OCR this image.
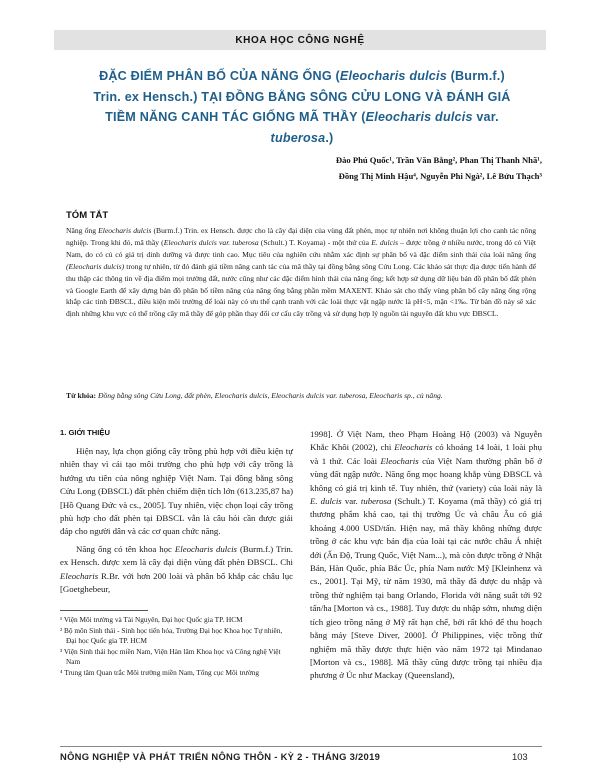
KHOA HỌC CÔNG NGHỆ
ĐẶC ĐIỂM PHÂN BỐ CỦA NĂNG ỐNG (Eleocharis dulcis (Burm.f.) Trin. ex Hensch.) TẠI ĐỒNG BẰNG SÔNG CỬU LONG VÀ ĐÁNH GIÁ TIỀM NĂNG CANH TÁC GIỐNG MÃ THẦY (Eleocharis dulcis var. tuberosa.)
Đào Phú Quốc¹, Trần Văn Bằng², Phan Thị Thanh Nhã¹,
Đồng Thị Minh Hậu⁴, Nguyễn Phi Ngà², Lê Bửu Thạch³
TÓM TẮT
Năng ống Eleocharis dulcis (Burm.f.) Trin. ex Hensch. được cho là cây đại diện của vùng đất phèn, mọc tự nhiên nơi không thuận lợi cho canh tác nông nghiệp. Trong khi đó, mã thầy (Eleocharis dulcis var. tuberosa (Schult.) T. Koyama) - một thứ của E. dulcis – được trồng ở nhiều nước, trong đó có Việt Nam, do có củ có giá trị dinh dưỡng và được tinh cao. Mục tiêu của nghiên cứu nhằm xác định sự phân bố và đặc điểm sinh thái của loài năng ống (Eleocharis dulcis) trong tự nhiên, từ đó đánh giá tiềm năng canh tác của mã thầy tại đồng bằng sông Cửu Long. Các khảo sát thực địa được tiến hành để thu thập các thông tin về địa điểm mọi trường đất, nước cũng như các đặc điểm hình thái của năng ống; kết hợp sử dụng dữ liệu bản đồ phân bố đất phèn và Google Earth để xây dựng bản đồ phân bố tiềm năng của năng ống bằng phần mềm MAXENT. Khảo sát cho thấy vùng phân bố cây năng ống rộng khắp các tỉnh ĐBSCL, điều kiện môi trường để loài này có ưu thế cạnh tranh với các loài thực vật ngập nước là pH<5, mặn <1‰. Từ bản đồ này sẽ xác định những khu vực có thể trồng cây mã thầy để góp phần thay đổi cơ cấu cây trồng và sử dụng hợp lý nguồn tài nguyên đất khu vực ĐBSCL.
Từ khóa: Đồng bằng sông Cửu Long, đất phèn, Eleocharis dulcis, Eleocharis dulcis var. tuberosa, Eleocharis sp., củ năng.
1. GIỚI THIỆU

Hiện nay, lựa chọn giống cây trồng phù hợp với điều kiện tự nhiên thay vì cải tạo môi trường cho phù hợp với cây trồng là hướng ưu tiên của nông nghiệp Việt Nam. Tại đồng bằng sông Cửu Long (ĐBSCL) đất phèn chiếm diện tích lớn (613.235,87 ha) [Hồ Quang Đức và cs., 2005]. Tuy nhiên, việc chọn loại cây trồng phù hợp cho đất phèn tại ĐBSCL vẫn là câu hỏi cần được giải đáp cho người dân và các cơ quan chức năng.

Năng ống có tên khoa học Eleocharis dulcis (Burm.f.) Trin. ex Hensch. được xem là cây đại diện vùng đất phèn ĐBSCL. Chi Eleocharis R.Br. với hơn 200 loài và phân bố khắp các châu lục [Goetghebeur,

1998]. Ở Việt Nam, theo Phạm Hoàng Hộ (2003) và Nguyễn Khắc Khôi (2002), chi Eleocharis có khoảng 14 loài, 1 loài phụ và 1 thứ. Các loài Eleocharis của Việt Nam thường phân bố ở vùng đất ngập nước. Năng ống mọc hoang khắp vùng ĐBSCL và không có giá trị kinh tế. Tuy nhiên, thứ (variety) của loài này là E. dulcis var. tuberosa (Schult.) T. Koyama (mã thầy) có giá trị thương phẩm khá cao, tại thị trường Úc và châu Âu có giá khoảng 4.000 USD/tấn. Hiện nay, mã thầy không những được trồng ở các khu vực bản địa của loài tại các nước châu Á nhiệt đới (Ấn Độ, Trung Quốc, Việt Nam...), mà còn được trồng ở Nhật Bản, Hàn Quốc, phía Bắc Úc, phía Nam nước Mỹ [Kleinhenz và cs., 2001]. Tại Mỹ, từ năm 1930, mã thầy đã được du nhập và trồng thử nghiệm tại bang Orlando, Florida với năng suất tới 92 tấn/ha [Morton và cs., 1988]. Tuy được du nhập sớm, nhưng diện tích gieo trồng năng ở Mỹ rất hạn chế, bởi rất khó để thu hoạch bằng máy [Steve Diver, 2000]. Ở Philippines, việc trồng thử nghiệm mã thầy được thực hiện vào năm 1972 tại Mindanao [Morton và cs., 1988]. Mã thầy cũng được trồng tại nhiều địa phương ở Úc như Mackay (Queensland),

¹ Viện Môi trường và Tài Nguyên, Đại học Quốc gia TP. HCM
² Bộ môn Sinh thái - Sinh học tiến hóa, Trường Đại học Khoa học Tự nhiên, Đại học Quốc gia TP. HCM
³ Viện Sinh thái học miền Nam, Viện Hàn lâm Khoa học và Công nghệ Việt Nam
⁴ Trung tâm Quan trắc Môi trường miền Nam, Tổng cục Môi trường
NÔNG NGHIỆP VÀ PHÁT TRIỂN NÔNG THÔN - KỲ 2 - THÁNG 3/2019	103
